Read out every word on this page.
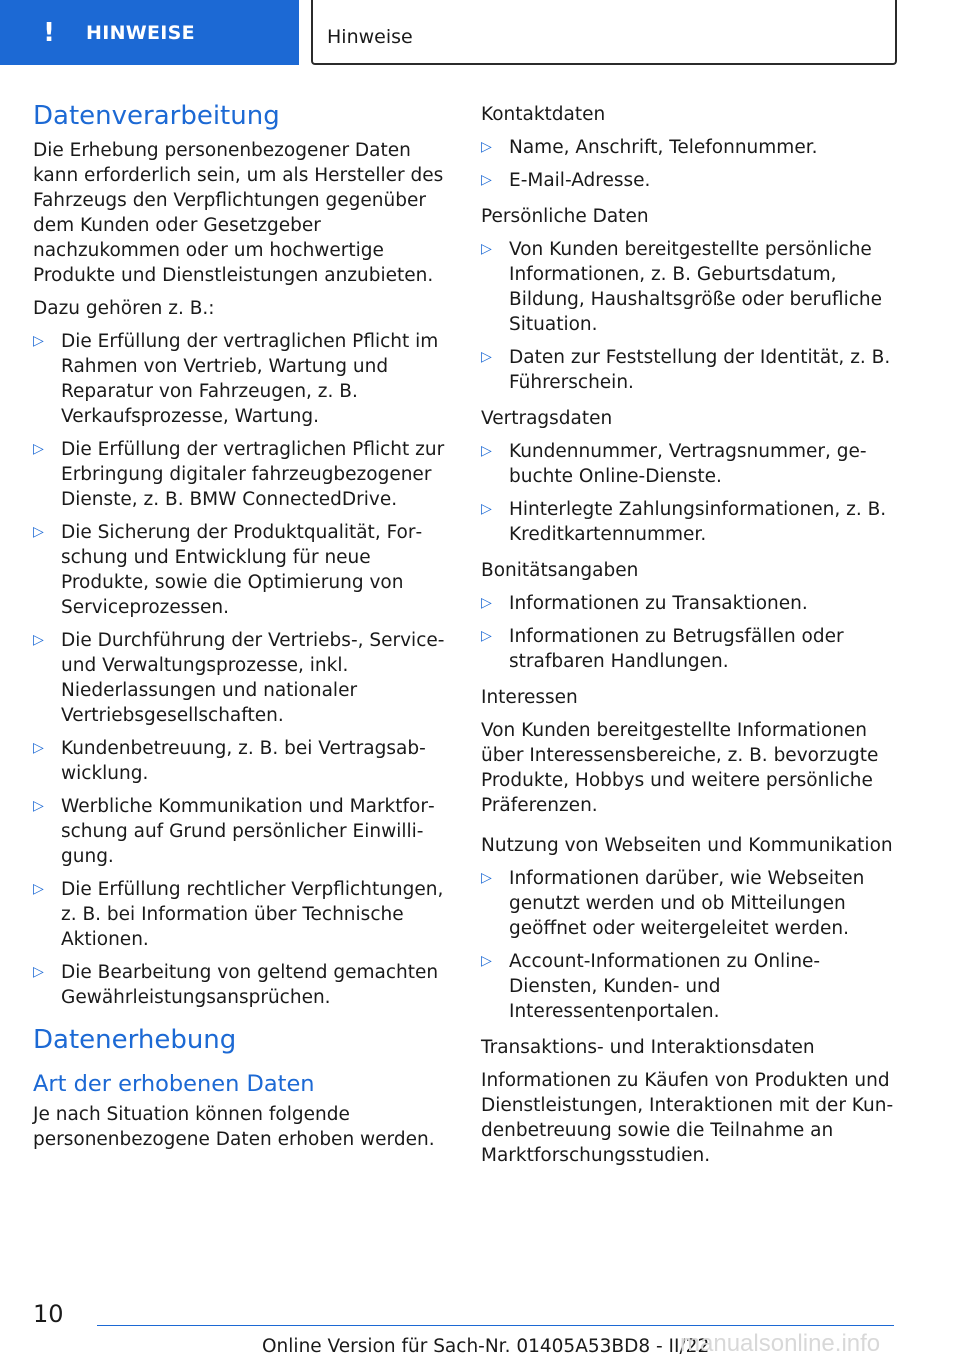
! HINWEISE	Hinweise
Datenverarbeitung

Die Erhebung personenbezogener Daten kann erforderlich sein, um als Hersteller des Fahrzeugs den Verpflichtungen gegenüber dem Kunden oder Gesetzgeber nachzukommen oder um hochwertige Produkte und Dienstleistungen anzubieten.

Dazu gehören z. B.:

▷ Die Erfüllung der vertraglichen Pflicht im Rahmen von Vertrieb, Wartung und Reparatur von Fahrzeugen, z. B. Verkaufsprozesse, Wartung.
▷ Die Erfüllung der vertraglichen Pflicht zur Erbringung digitaler fahrzeugbezogener Dienste, z. B. BMW ConnectedDrive.
▷ Die Sicherung der Produktqualität, Forschung und Entwicklung für neue Produkte, sowie die Optimierung von Serviceprozessen.
▷ Die Durchführung der Vertriebs-, Service- und Verwaltungsprozesse, inkl. Niederlassungen und nationaler Vertriebsgesellschaften.
▷ Kundenbetreuung, z. B. bei Vertragsabwicklung.
▷ Werbliche Kommunikation und Marktforschung auf Grund persönlicher Einwilligung.
▷ Die Erfüllung rechtlicher Verpflichtungen, z. B. bei Information über Technische Aktionen.
▷ Die Bearbeitung von geltend gemachten Gewährleistungsansprüchen.
Datenerhebung
Art der erhobenen Daten

Je nach Situation können folgende personenbezogene Daten erhoben werden.

Kontaktdaten
▷ Name, Anschrift, Telefonnummer.
▷ E-Mail-Adresse.
Persönliche Daten
▷ Von Kunden bereitgestellte persönliche Informationen, z. B. Geburtsdatum, Bildung, Haushaltsgröße oder berufliche Situation.
▷ Daten zur Feststellung der Identität, z. B. Führerschein.
Vertragsdaten
▷ Kundennummer, Vertragsnummer, gebuchte Online-Dienste.
▷ Hinterlegte Zahlungsinformationen, z. B. Kreditkartennummer.
Bonitätsangaben
▷ Informationen zu Transaktionen.
▷ Informationen zu Betrugsfällen oder strafbaren Handlungen.
Interessen

Von Kunden bereitgestellte Informationen über Interessensbereiche, z. B. bevorzugte Produkte, Hobbys und weitere persönliche Präferenzen.

Nutzung von Webseiten und Kommunikation
▷ Informationen darüber, wie Webseiten genutzt werden und ob Mitteilungen geöffnet oder weitergeleitet werden.
▷ Account-Informationen zu Online-Diensten, Kunden- und Interessentenportalen.
Transaktions- und Interaktionsdaten

Informationen zu Käufen von Produkten und Dienstleistungen, Interaktionen mit der Kundenbetreuung sowie die Teilnahme an Marktforschungsstudien.

10
Online Version für Sach-Nr. 01405A53BD8 - II/22
manualsonline.info
